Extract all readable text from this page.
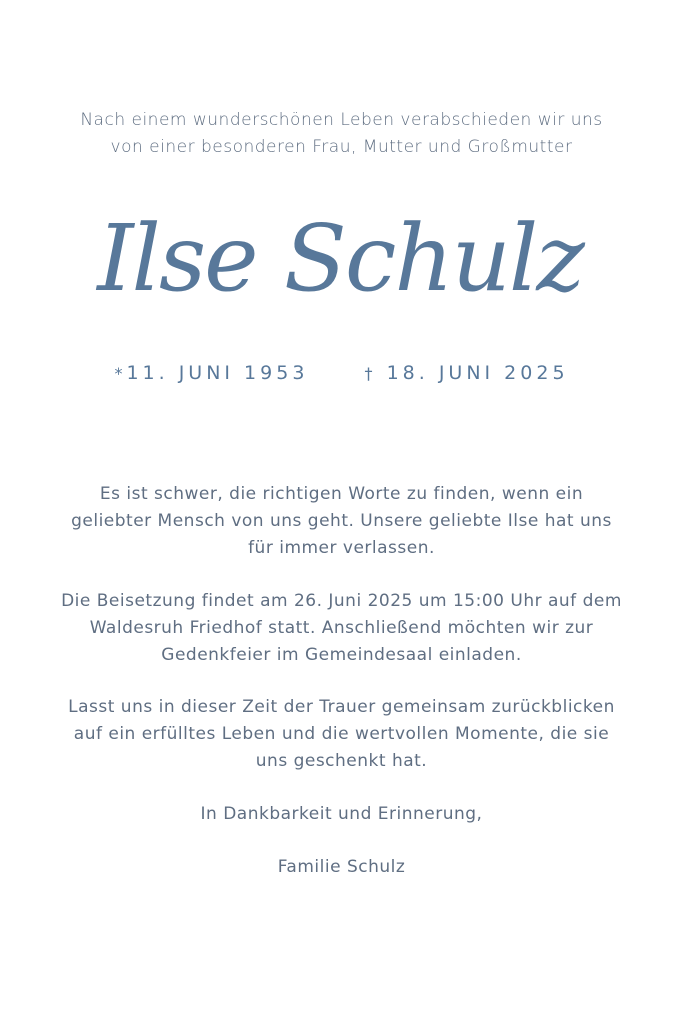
Nach einem wunderschönen Leben verabschieden wir uns
von einer besonderen Frau, Mutter und Großmutter
Ilse Schulz
*11. JUNI 1953	† 18. JUNI 2025
Es ist schwer, die richtigen Worte zu finden, wenn ein
geliebter Mensch von uns geht. Unsere geliebte Ilse hat uns
für immer verlassen.
Die Beisetzung findet am 26. Juni 2025 um 15:00 Uhr auf dem
Waldesruh Friedhof statt. Anschließend möchten wir zur
Gedenkfeier im Gemeindesaal einladen.
Lasst uns in dieser Zeit der Trauer gemeinsam zurückblicken
auf ein erfülltes Leben und die wertvollen Momente, die sie
uns geschenkt hat.
In Dankbarkeit und Erinnerung,
Familie Schulz
